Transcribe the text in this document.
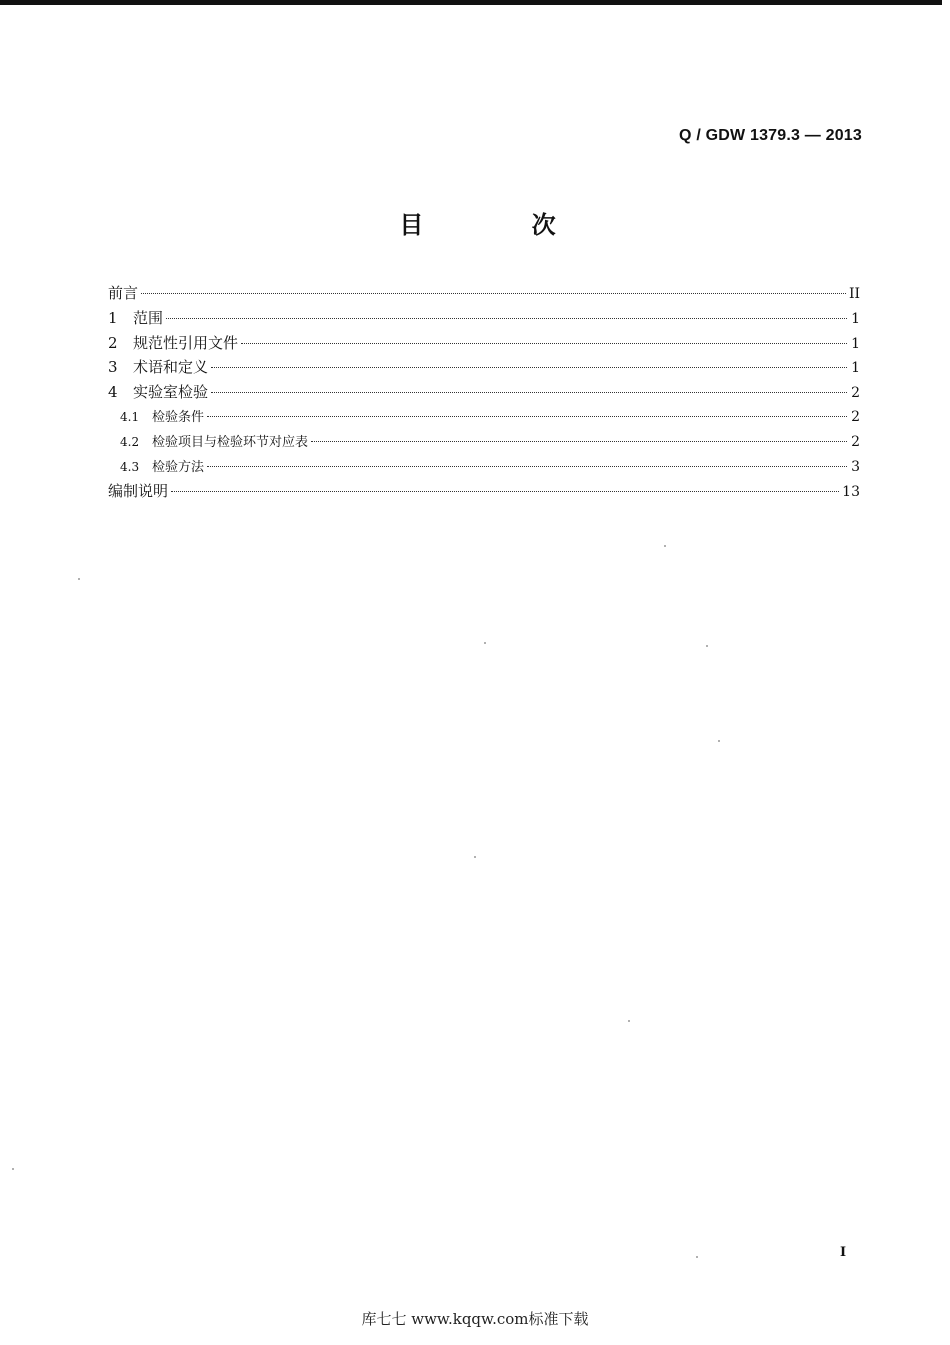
Q / GDW 1379.3 — 2013
目 次
前言	II
1	范围	1
2	规范性引用文件	1
3	术语和定义	1
4	实验室检验	2
4.1 检验条件	2
4.2 检验项目与检验环节对应表	2
4.3 检验方法	3
编制说明	13
I
库七七 www.kqqw.com标准下载
